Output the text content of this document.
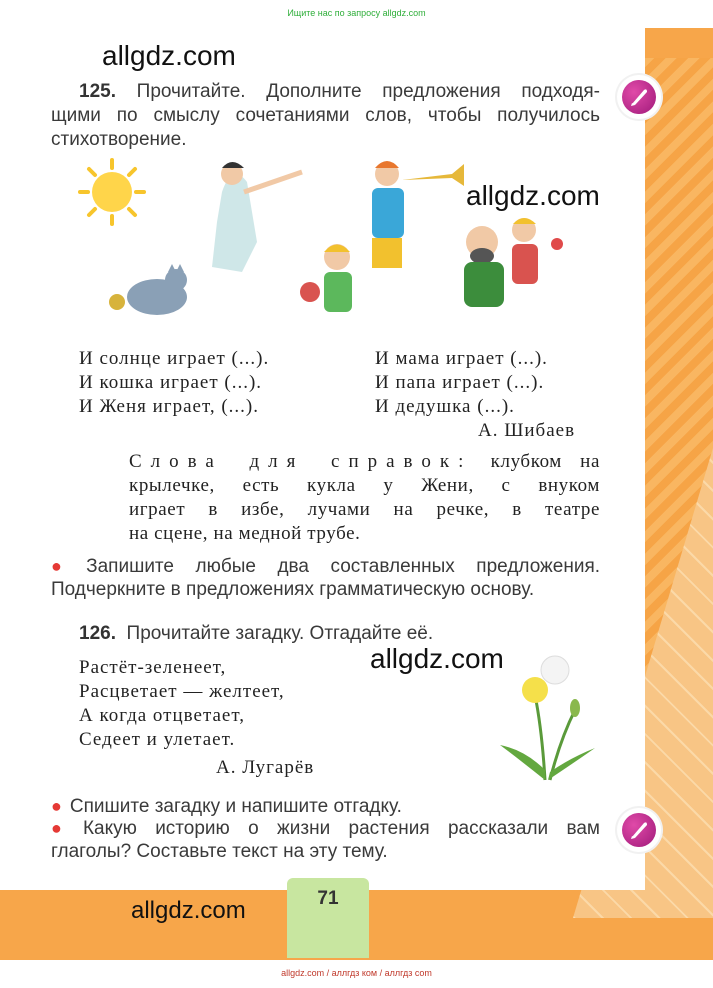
Ищите нас по запросу allgdz.com
allgdz.com
allgdz.com
allgdz.com
allgdz.com
125. Прочитайте. Дополните предложения подходя-
щими по смыслу сочетаниями слов, чтобы получилось
стихотворение.
И солнце играет (...).
И кошка играет (...).
И Женя играет, (...).
И мама играет (...).
И папа играет (...).
И дедушка (...).
А. Шибаев
Слова для справок: клубком на
крылечке, есть кукла у Жени, с внуком
играет в избе, лучами на речке, в театре
на сцене, на медной трубе.
● Запишите любые два составленных предложения.
Подчеркните в предложениях грамматическую основу.
126. Прочитайте загадку. Отгадайте её.
Растёт-зеленеет,
Расцветает — желтеет,
А когда отцветает,
Седеет и улетает.
А. Лугарёв
● Спишите загадку и напишите отгадку.
● Какую историю о жизни растения рассказали вам
глаголы? Составьте текст на эту тему.
71
allgdz.com / аллгдз ком / аллгдз com
